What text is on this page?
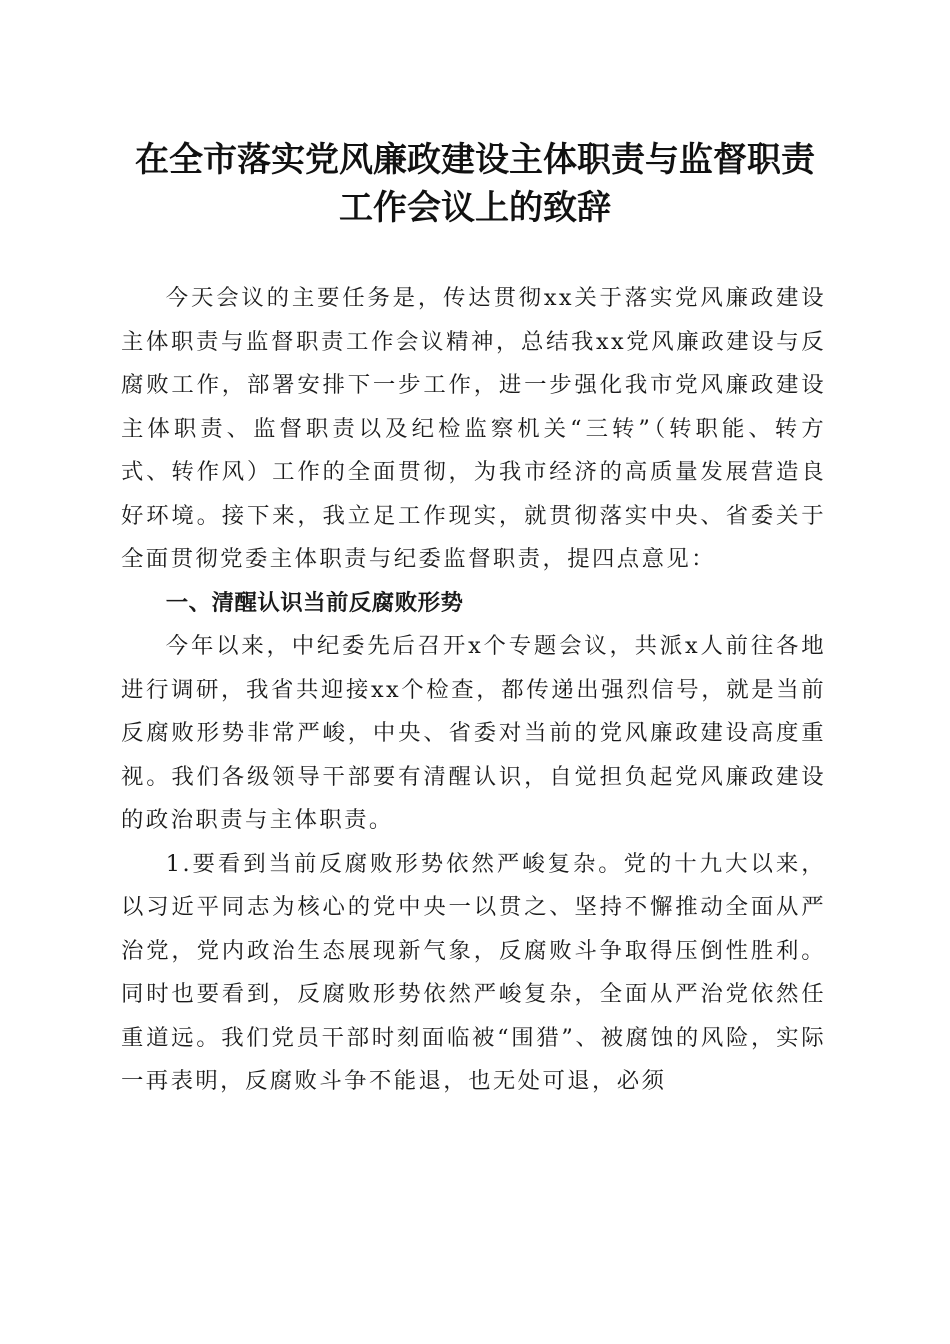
在全市落实党风廉政建设主体职责与监督职责
工作会议上的致辞

今天会议的主要任务是，传达贯彻xx关于落实党风廉政建设主体职责与监督职责工作会议精神，总结我xx党风廉政建设与反腐败工作，部署安排下一步工作，进一步强化我市党风廉政建设主体职责、监督职责以及纪检监察机关“三转”（转职能、转方式、转作风）工作的全面贯彻，为我市经济的高质量发展营造良好环境。接下来，我立足工作现实，就贯彻落实中央、省委关于全面贯彻党委主体职责与纪委监督职责，提四点意见：

一、清醒认识当前反腐败形势

今年以来，中纪委先后召开x个专题会议，共派x人前往各地进行调研，我省共迎接xx个检查，都传递出强烈信号，就是当前反腐败形势非常严峻，中央、省委对当前的党风廉政建设高度重视。我们各级领导干部要有清醒认识，自觉担负起党风廉政建设的政治职责与主体职责。

1.要看到当前反腐败形势依然严峻复杂。党的十九大以来，以习近平同志为核心的党中央一以贯之、坚持不懈推动全面从严治党，党内政治生态展现新气象，反腐败斗争取得压倒性胜利。同时也要看到，反腐败形势依然严峻复杂，全面从严治党依然任重道远。我们党员干部时刻面临被“围猎”、被腐蚀的风险，实际一再表明，反腐败斗争不能退，也无处可退，必须
